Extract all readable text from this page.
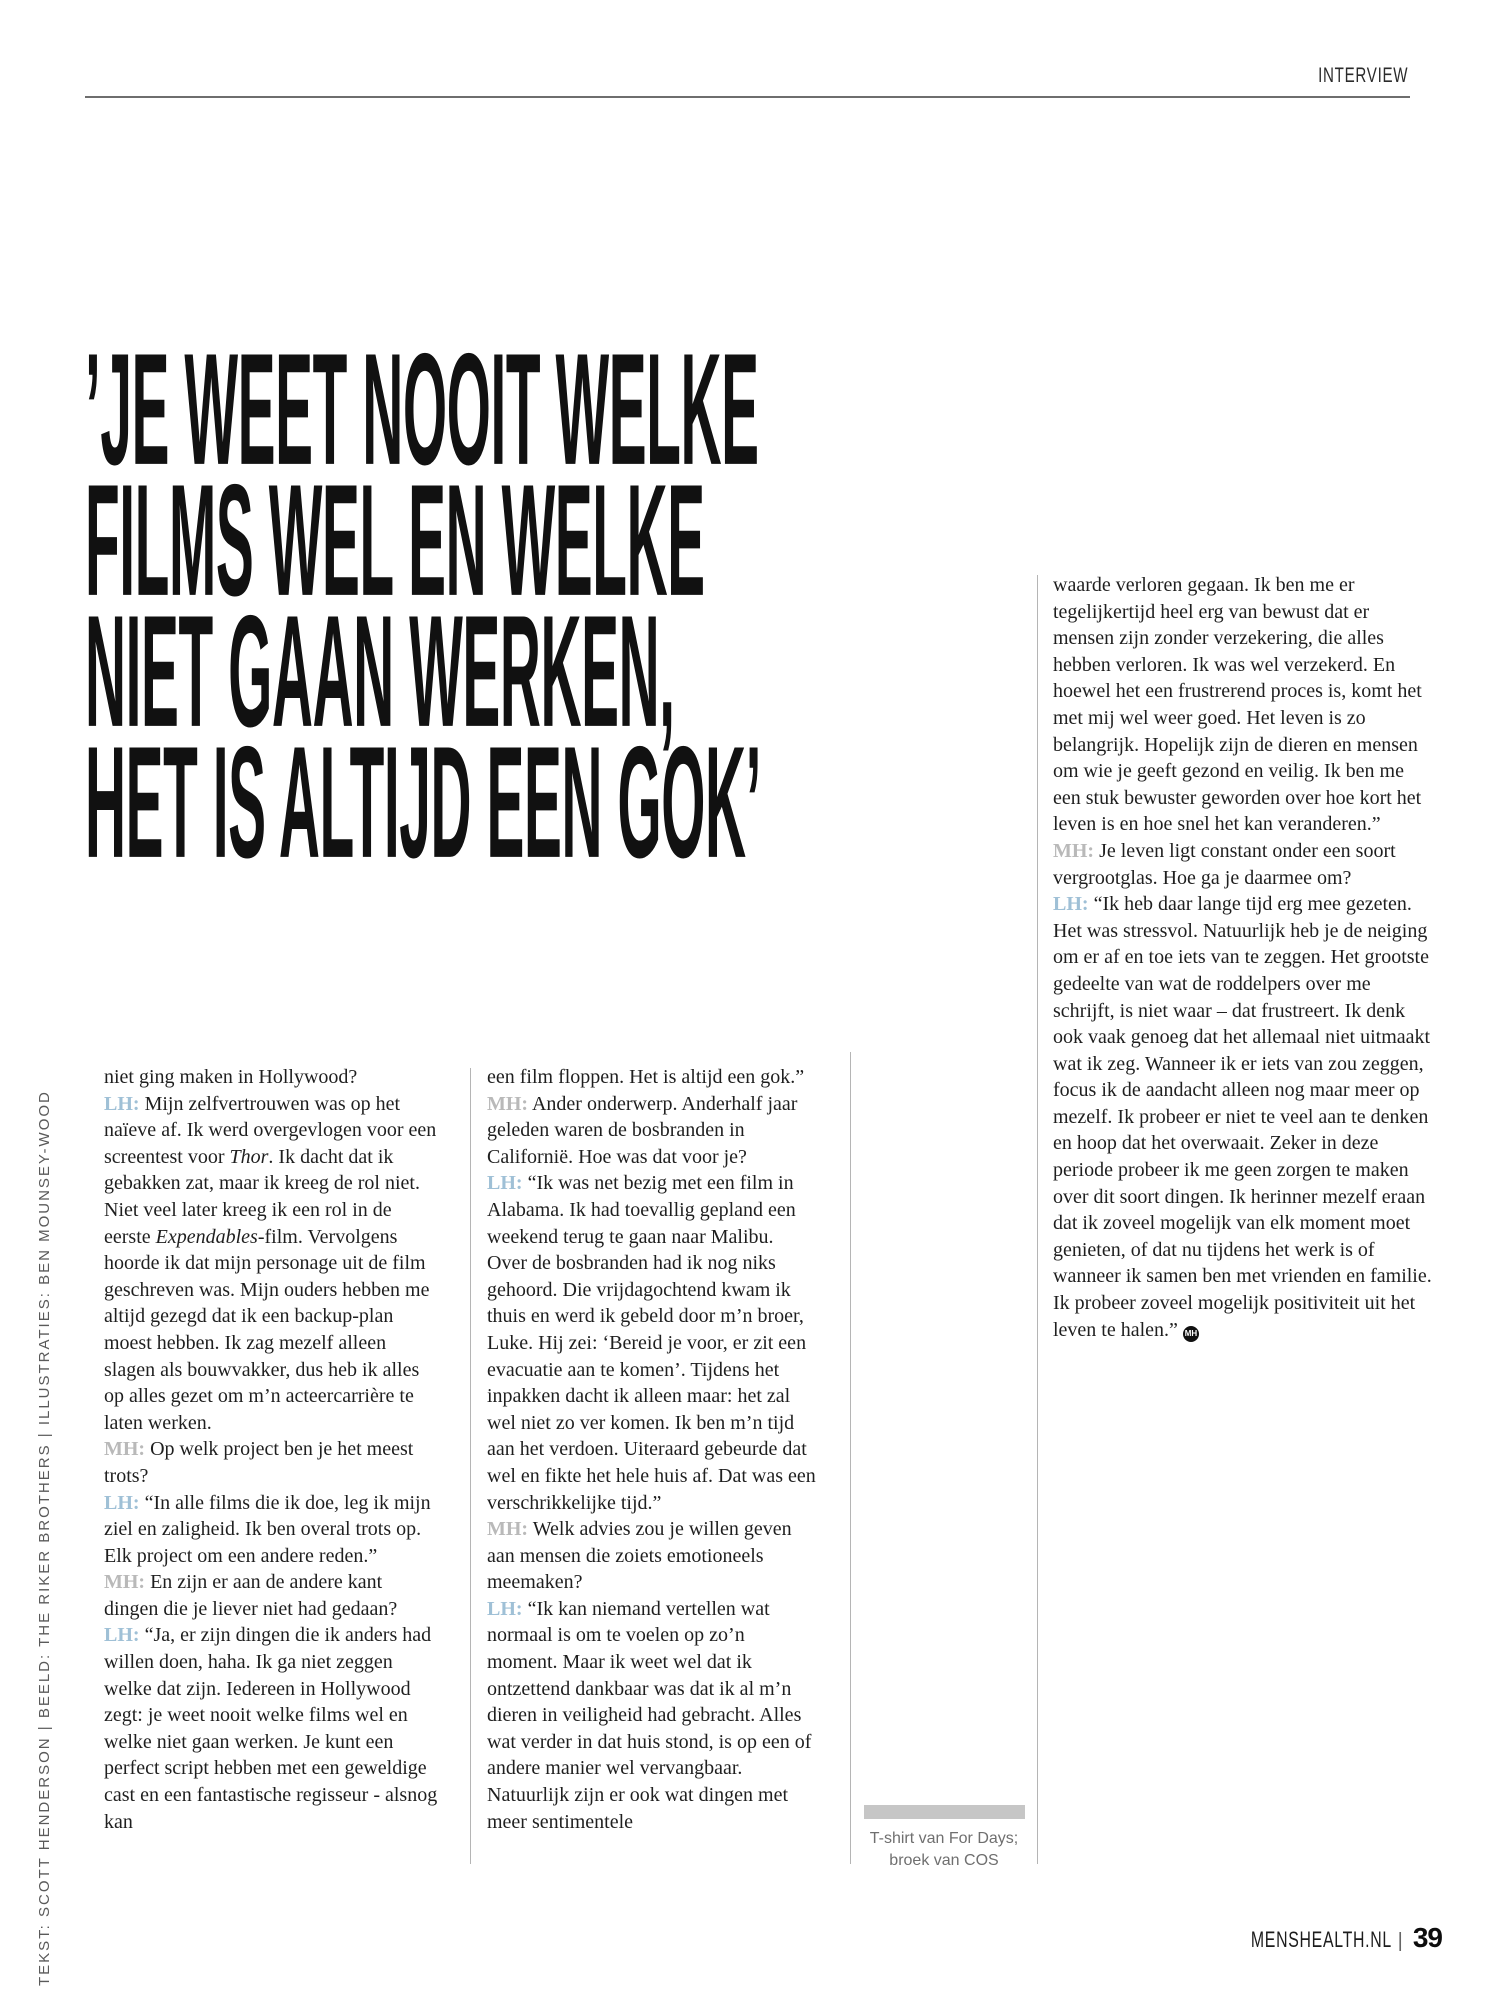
INTERVIEW
’JE WEET NOOIT WELKE
FILMS WEL EN WELKE
NIET GAAN WERKEN,
HET IS ALTIJD EEN GOK’
TEKST: SCOTT HENDERSON | BEELD: THE RIKER BROTHERS | ILLUSTRATIES: BEN MOUNSEY-WOOD

niet ging maken in Hollywood?

LH: Mijn zelfvertrouwen was op het naïeve af. Ik werd overgevlogen voor een screentest voor Thor. Ik dacht dat ik gebakken zat, maar ik kreeg de rol niet. Niet veel later kreeg ik een rol in de eerste Expendables-film. Vervolgens hoorde ik dat mijn personage uit de film geschreven was. Mijn ouders hebben me altijd gezegd dat ik een backup-plan moest hebben. Ik zag mezelf alleen slagen als bouwvakker, dus heb ik alles op alles gezet om m’n acteercarrière te laten werken.

MH: Op welk project ben je het meest trots?

LH: “In alle films die ik doe, leg ik mijn ziel en zaligheid. Ik ben overal trots op. Elk project om een andere reden.”

MH: En zijn er aan de andere kant dingen die je liever niet had gedaan?

LH: “Ja, er zijn dingen die ik anders had willen doen, haha. Ik ga niet zeggen welke dat zijn. Iedereen in Hollywood zegt: je weet nooit welke films wel en welke niet gaan werken. Je kunt een perfect script hebben met een geweldige cast en een fantastische regisseur - alsnog kan

een film floppen. Het is altijd een gok.”

MH: Ander onderwerp. Anderhalf jaar geleden waren de bosbranden in Californië. Hoe was dat voor je?

LH: “Ik was net bezig met een film in Alabama. Ik had toevallig gepland een weekend terug te gaan naar Malibu. Over de bosbranden had ik nog niks gehoord. Die vrijdagochtend kwam ik thuis en werd ik gebeld door m’n broer, Luke. Hij zei: ‘Bereid je voor, er zit een evacuatie aan te komen’. Tijdens het inpakken dacht ik alleen maar: het zal wel niet zo ver komen. Ik ben m’n tijd aan het verdoen. Uiteraard gebeurde dat wel en fikte het hele huis af. Dat was een verschrikkelijke tijd.”

MH: Welk advies zou je willen geven aan mensen die zoiets emotioneels meemaken?

LH: “Ik kan niemand vertellen wat normaal is om te voelen op zo’n moment. Maar ik weet wel dat ik ontzettend dankbaar was dat ik al m’n dieren in veiligheid had gebracht. Alles wat verder in dat huis stond, is op een of andere manier wel vervangbaar. Natuurlijk zijn er ook wat dingen met meer sentimentele

waarde verloren gegaan. Ik ben me er tegelijkertijd heel erg van bewust dat er mensen zijn zonder verzekering, die alles hebben verloren. Ik was wel verzekerd. En hoewel het een frustrerend proces is, komt het met mij wel weer goed. Het leven is zo belangrijk. Hopelijk zijn de dieren en mensen om wie je geeft gezond en veilig. Ik ben me een stuk bewuster geworden over hoe kort het leven is en hoe snel het kan veranderen.”

MH: Je leven ligt constant onder een soort vergrootglas. Hoe ga je daarmee om?

LH: “Ik heb daar lange tijd erg mee gezeten. Het was stressvol. Natuurlijk heb je de neiging om er af en toe iets van te zeggen. Het grootste gedeelte van wat de roddelpers over me schrijft, is niet waar – dat frustreert. Ik denk ook vaak genoeg dat het allemaal niet uitmaakt wat ik zeg. Wanneer ik er iets van zou zeggen, focus ik de aandacht alleen nog maar meer op mezelf. Ik probeer er niet te veel aan te denken en hoop dat het overwaait. Zeker in deze periode probeer ik me geen zorgen te maken over dit soort dingen. Ik herinner mezelf eraan dat ik zoveel mogelijk van elk moment moet genieten, of dat nu tijdens het werk is of wanneer ik samen ben met vrienden en familie. Ik probeer zoveel mogelijk positiviteit uit het leven te halen.” MH

T-shirt van For Days;
broek van COS
MENSHEALTH.NL | 39
